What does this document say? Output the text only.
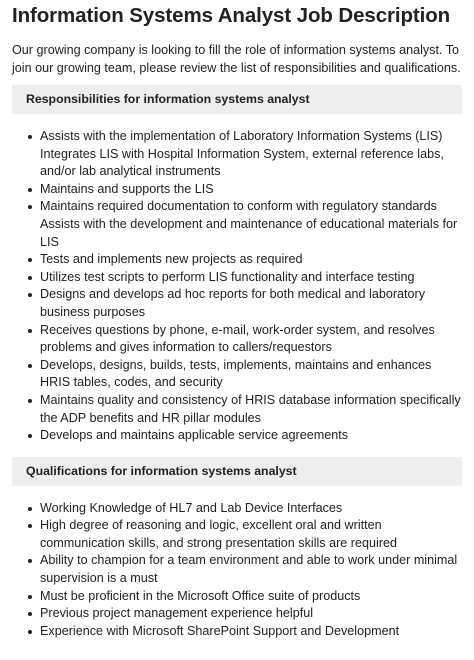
Information Systems Analyst Job Description

Our growing company is looking to fill the role of information systems analyst. To join our growing team, please review the list of responsibilities and qualifications.

Responsibilities for information systems analyst
Assists with the implementation of Laboratory Information Systems (LIS) Integrates LIS with Hospital Information System, external reference labs, and/or lab analytical instruments
Maintains and supports the LIS
Maintains required documentation to conform with regulatory standards Assists with the development and maintenance of educational materials for LIS
Tests and implements new projects as required
Utilizes test scripts to perform LIS functionality and interface testing
Designs and develops ad hoc reports for both medical and laboratory business purposes
Receives questions by phone, e-mail, work-order system, and resolves problems and gives information to callers/requestors
Develops, designs, builds, tests, implements, maintains and enhances HRIS tables, codes, and security
Maintains quality and consistency of HRIS database information specifically the ADP benefits and HR pillar modules
Develops and maintains applicable service agreements
Qualifications for information systems analyst
Working Knowledge of HL7 and Lab Device Interfaces
High degree of reasoning and logic, excellent oral and written communication skills, and strong presentation skills are required
Ability to champion for a team environment and able to work under minimal supervision is a must
Must be proficient in the Microsoft Office suite of products
Previous project management experience helpful
Experience with Microsoft SharePoint Support and Development
